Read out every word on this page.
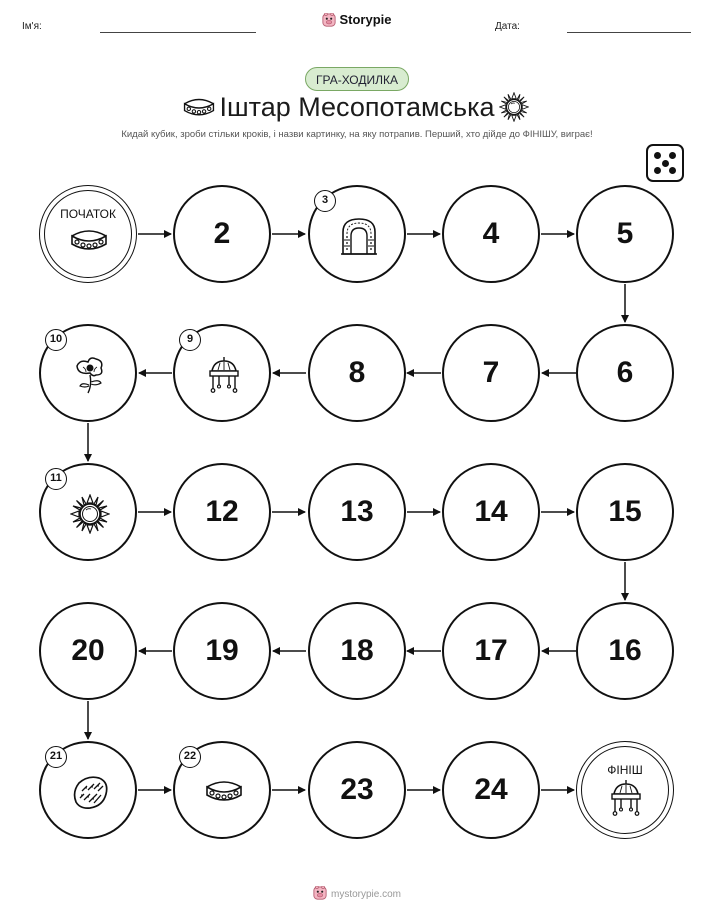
Ім'я:	Storypie	Дата:
ГРА-ХОДИЛКА
Іштар Месопотамська
Кидай кубик, зроби стільки кроків, і назви картинку, на яку потрапив. Перший, хто дійде до ФІНІШУ, виграє!
ПОЧАТОК
2
3
4	5
6
7
8
9
10
11
12	13	14	15
16
17
18
19
20
21	22
23	24
ФІНІШ
mystorypie.com
